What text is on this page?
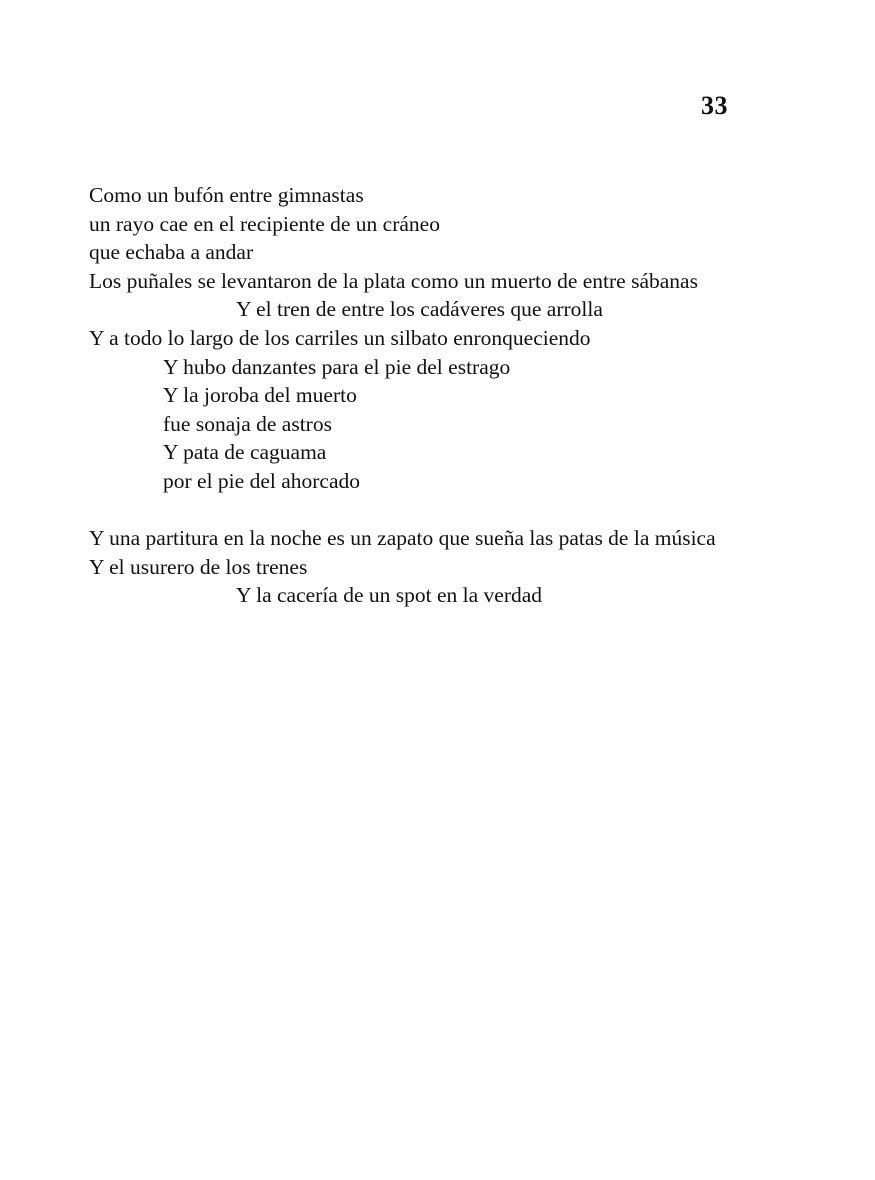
33
Como un bufón entre gimnastas
un rayo cae en el recipiente de un cráneo
que echaba a andar
Los puñales se levantaron de la plata como un muerto de entre sábanas
Y el tren de entre los cadáveres que arrolla
Y a todo lo largo de los carriles un silbato enronqueciendo
Y hubo danzantes para el pie del estrago
Y la joroba del muerto
fue sonaja de astros
Y pata de caguama
por el pie del ahorcado
Y una partitura en la noche es un zapato que sueña las patas de la música
Y el usurero de los trenes
Y la cacería de un spot en la verdad
